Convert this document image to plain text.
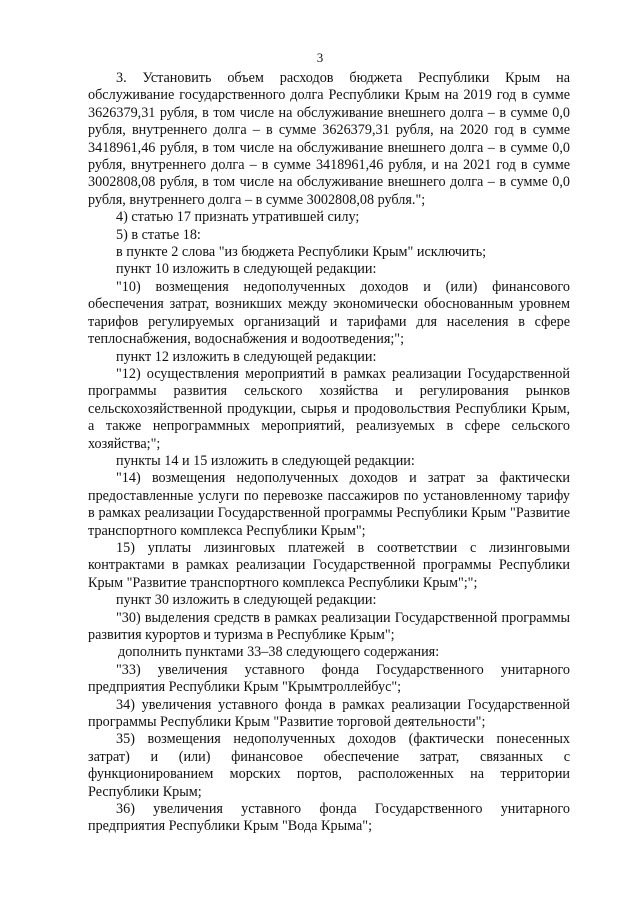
3

3. Установить объем расходов бюджета Республики Крым на обслуживание государственного долга Республики Крым на 2019 год в сумме 3626379,31 рубля, в том числе на обслуживание внешнего долга – в сумме 0,0 рубля, внутреннего долга – в сумме 3626379,31 рубля, на 2020 год в сумме 3418961,46 рубля, в том числе на обслуживание внешнего долга – в сумме 0,0 рубля, внутреннего долга – в сумме 3418961,46 рубля, и на 2021 год в сумме 3002808,08 рубля, в том числе на обслуживание внешнего долга – в сумме 0,0 рубля, внутреннего долга – в сумме 3002808,08 рубля.";

4) статью 17 признать утратившей силу;

5) в статье 18:

в пункте 2 слова "из бюджета Республики Крым" исключить;

пункт 10 изложить в следующей редакции:

"10) возмещения недополученных доходов и (или) финансового обеспечения затрат, возникших между экономически обоснованным уровнем тарифов регулируемых организаций и тарифами для населения в сфере теплоснабжения, водоснабжения и водоотведения;";

пункт 12 изложить в следующей редакции:

"12) осуществления мероприятий в рамках реализации Государственной программы развития сельского хозяйства и регулирования рынков сельскохозяйственной продукции, сырья и продовольствия Республики Крым, а также непрограммных мероприятий, реализуемых в сфере сельского хозяйства;";

пункты 14 и 15 изложить в следующей редакции:

"14) возмещения недополученных доходов и затрат за фактически предоставленные услуги по перевозке пассажиров по установленному тарифу в рамках реализации Государственной программы Республики Крым "Развитие транспортного комплекса Республики Крым";

15) уплаты лизинговых платежей в соответствии с лизинговыми контрактами в рамках реализации Государственной программы Республики Крым "Развитие транспортного комплекса Республики Крым";";

пункт 30 изложить в следующей редакции:

"30) выделения средств в рамках реализации Государственной программы развития курортов и туризма в Республике Крым";

дополнить пунктами 33–38 следующего содержания:

"33) увеличения уставного фонда Государственного унитарного предприятия Республики Крым "Крымтроллейбус";

34) увеличения уставного фонда в рамках реализации Государственной программы Республики Крым "Развитие торговой деятельности";

35) возмещения недополученных доходов (фактически понесенных затрат) и (или) финансовое обеспечение затрат, связанных с функционированием морских портов, расположенных на территории Республики Крым;

36) увеличения уставного фонда Государственного унитарного предприятия Республики Крым "Вода Крыма";
